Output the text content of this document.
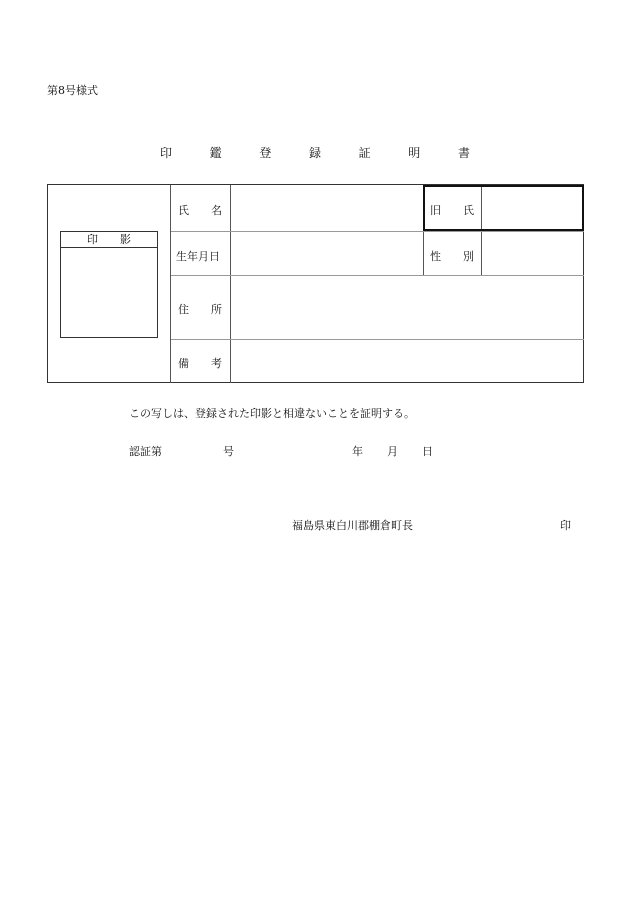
第8号様式
印	鑑	登	録	証	明	書
印 影
氏 名	旧 氏
生年月日	性 別
住 所
備 考
この写しは、登録された印影と相違ないことを証明する。
認証第	号	年 月 日
福島県東白川郡棚倉町長	印
